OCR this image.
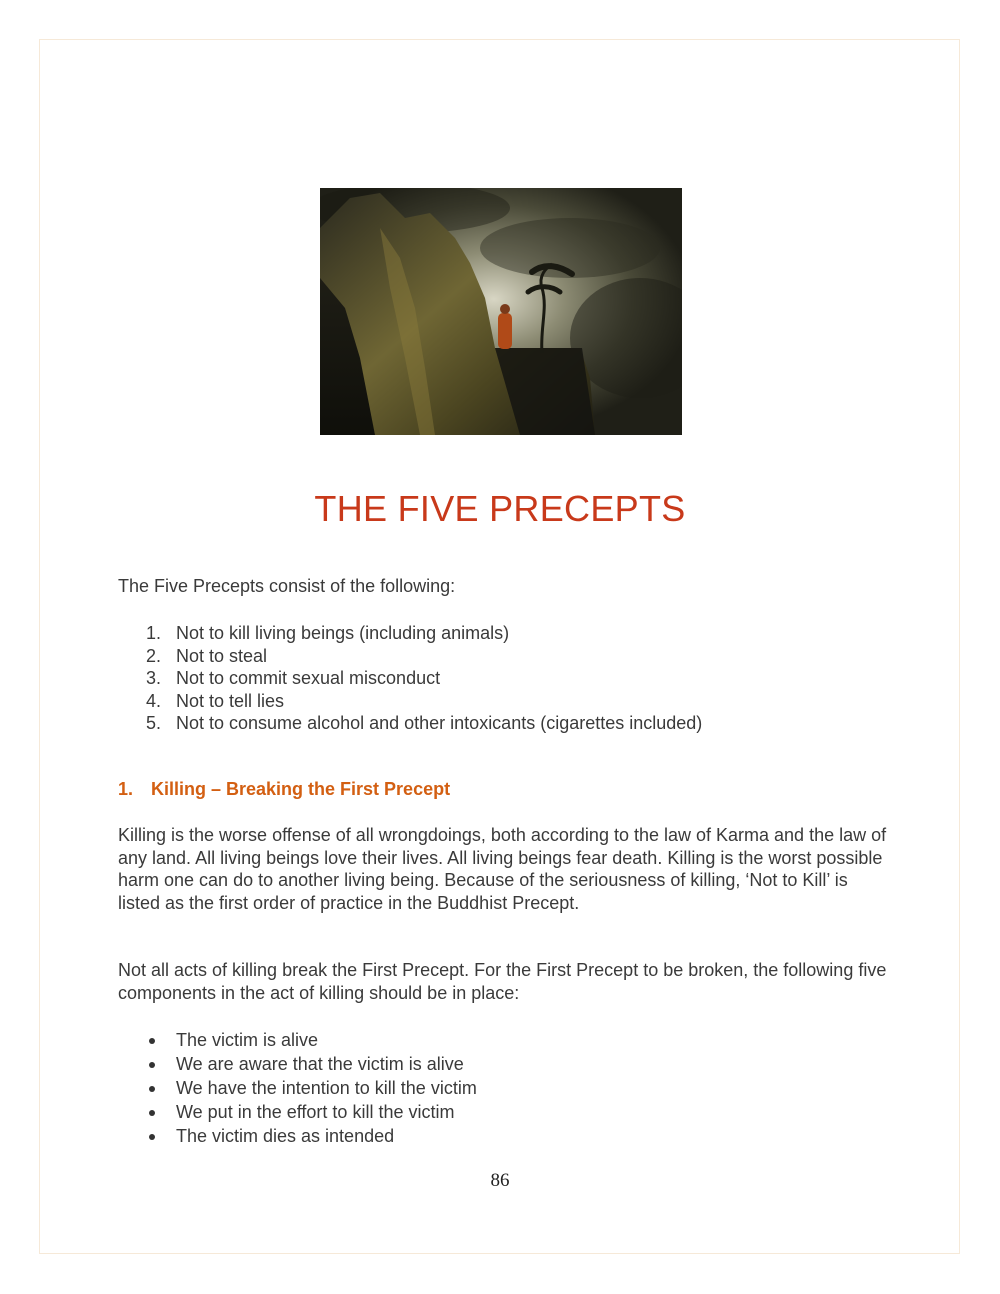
THE FIVE PRECEPTS

The Five Precepts consist of the following:

1. Not to kill living beings (including animals)
2. Not to steal
3. Not to commit sexual misconduct
4. Not to tell lies
5. Not to consume alcohol and other intoxicants (cigarettes included)
1. Killing – Breaking the First Precept

Killing is the worse offense of all wrongdoings, both according to the law of Karma and the law of any land. All living beings love their lives. All living beings fear death. Killing is the worst possible harm one can do to another living being. Because of the seriousness of killing, ‘Not to Kill’ is listed as the first order of practice in the Buddhist Precept.

Not all acts of killing break the First Precept. For the First Precept to be broken, the following five components in the act of killing should be in place:

The victim is alive
We are aware that the victim is alive
We have the intention to kill the victim
We put in the effort to kill the victim
The victim dies as intended
86
